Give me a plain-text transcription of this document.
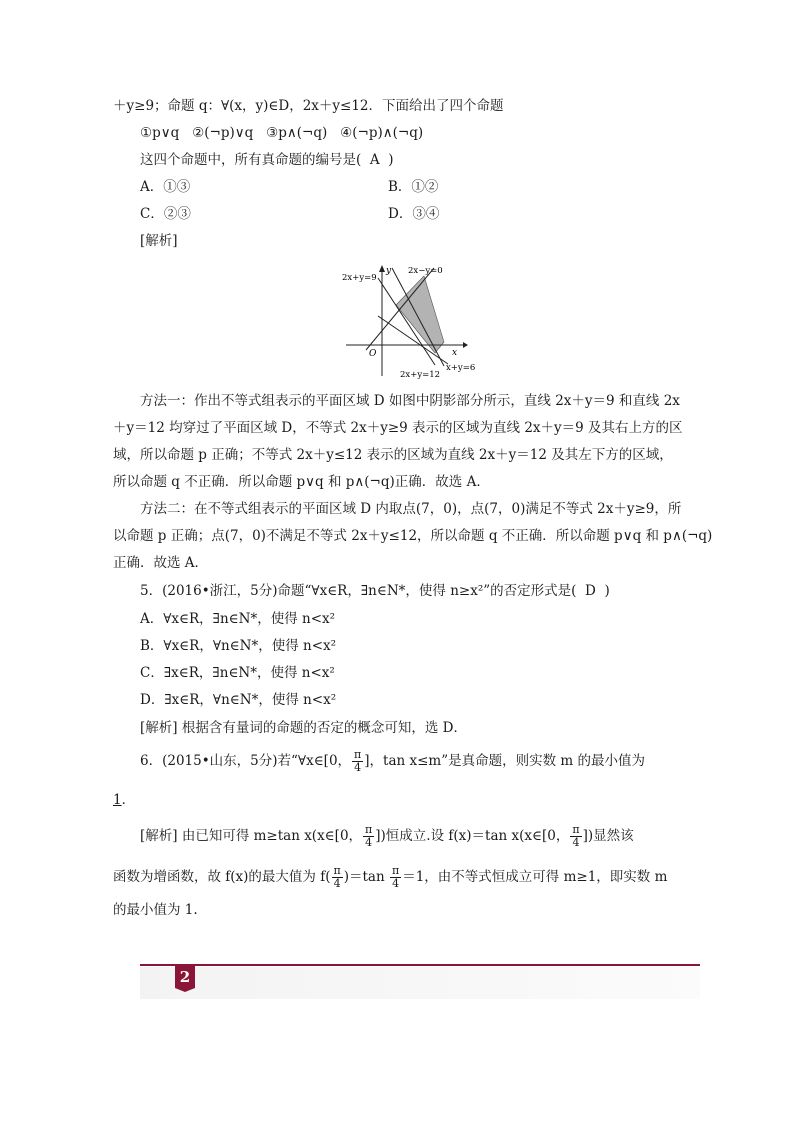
＋y≥9；命题 q：∀(x，y)∈D，2x＋y≤12．下面给出了四个命题
①p∨q ②(¬p)∨q ③p∧(¬q) ④(¬p)∧(¬q)
这四个命题中，所有真命题的编号是( A )
A．①③	B．①②
C．②③	D．③④
[解析]
2x+y=9
2x−y=0
x+y=6
2x+y=12
x
y
O
方法一：作出不等式组表示的平面区域 D 如图中阴影部分所示，直线 2x＋y＝9 和直线 2x
＋y＝12 均穿过了平面区域 D，不等式 2x＋y≥9 表示的区域为直线 2x＋y＝9 及其右上方的区
域，所以命题 p 正确；不等式 2x＋y≤12 表示的区域为直线 2x＋y＝12 及其左下方的区域，
所以命题 q 不正确．所以命题 p∨q 和 p∧(¬q)正确．故选 A．
方法二：在不等式组表示的平面区域 D 内取点(7，0)，点(7，0)满足不等式 2x＋y≥9，所
以命题 p 正确；点(7，0)不满足不等式 2x＋y≤12，所以命题 q 不正确．所以命题 p∨q 和 p∧(¬q)
正确．故选 A．
5．(2016•浙江，5分)命题“∀x∈R，∃n∈N*，使得 n≥x²”的否定形式是( D )
A．∀x∈R，∃n∈N*，使得 n<x²
B．∀x∈R，∀n∈N*，使得 n<x²
C．∃x∈R，∃n∈N*，使得 n<x²
D．∃x∈R，∀n∈N*，使得 n<x²
[解析] 根据含有量词的命题的否定的概念可知，选 D．
6．(2015•山东，5分)若“∀x∈[0， $\frac{\pi}{4}$ ]，tan x≤m”是真命题，则实数 m 的最小值为
1．
[解析] 由已知可得 m≥tan x(x∈[0， $\frac{\pi}{4}$ ])恒成立.设 f(x)＝tan x(x∈[0， $\frac{\pi}{4}$ ])显然该
函数为增函数，故 f(x)的最大值为 $f( \frac{\pi}{4} )=\tan \frac{\pi}{4} =1$，由不等式恒成立可得 m≥1，即实数 m
的最小值为 1.
2
